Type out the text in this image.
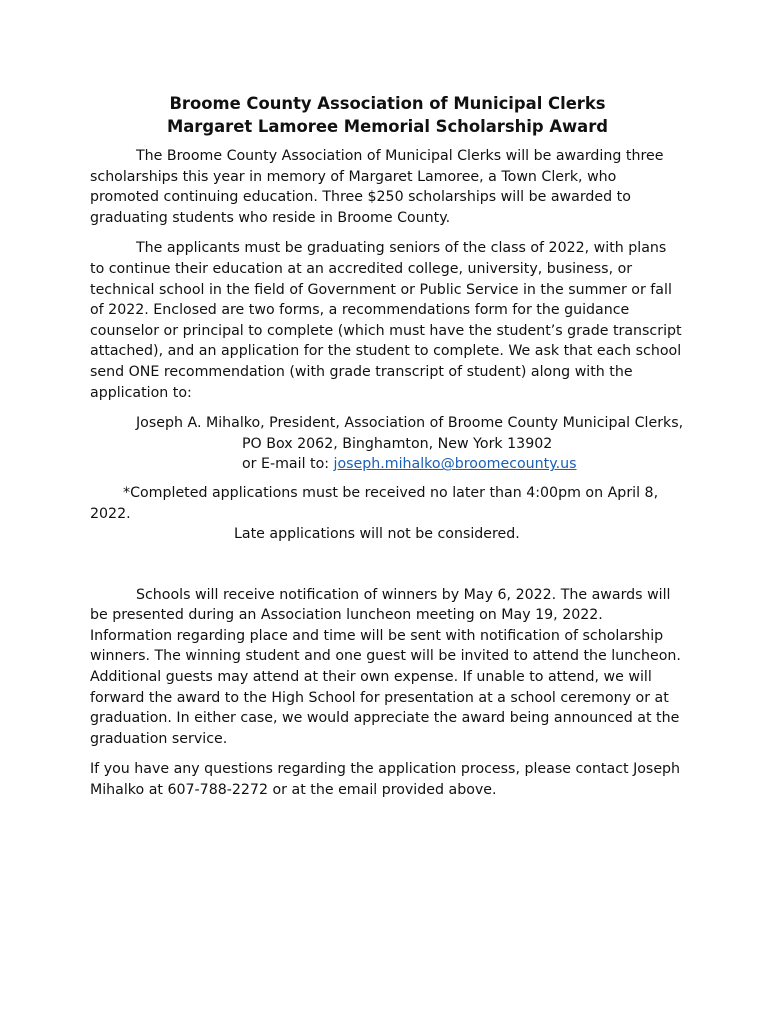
Broome County Association of Municipal Clerks
Margaret Lamoree Memorial Scholarship Award

The Broome County Association of Municipal Clerks will be awarding three scholarships this year in memory of Margaret Lamoree, a Town Clerk, who promoted continuing education. Three $250 scholarships will be awarded to graduating students who reside in Broome County.

The applicants must be graduating seniors of the class of 2022, with plans to continue their education at an accredited college, university, business, or technical school in the field of Government or Public Service in the summer or fall of 2022. Enclosed are two forms, a recommendations form for the guidance counselor or principal to complete (which must have the student’s grade transcript attached), and an application for the student to complete. We ask that each school send ONE recommendation (with grade transcript of student) along with the application to:

Joseph A. Mihalko, President, Association of Broome County Municipal Clerks,
PO Box 2062, Binghamton, New York 13902
or E-mail to: joseph.mihalko@broomecounty.us

*Completed applications must be received no later than 4:00pm on April 8, 2022.

Late applications will not be considered.

Schools will receive notification of winners by May 6, 2022. The awards will be presented during an Association luncheon meeting on May 19, 2022. Information regarding place and time will be sent with notification of scholarship winners. The winning student and one guest will be invited to attend the luncheon. Additional guests may attend at their own expense. If unable to attend, we will forward the award to the High School for presentation at a school ceremony or at graduation. In either case, we would appreciate the award being announced at the graduation service.

If you have any questions regarding the application process, please contact Joseph Mihalko at 607-788-2272 or at the email provided above.
